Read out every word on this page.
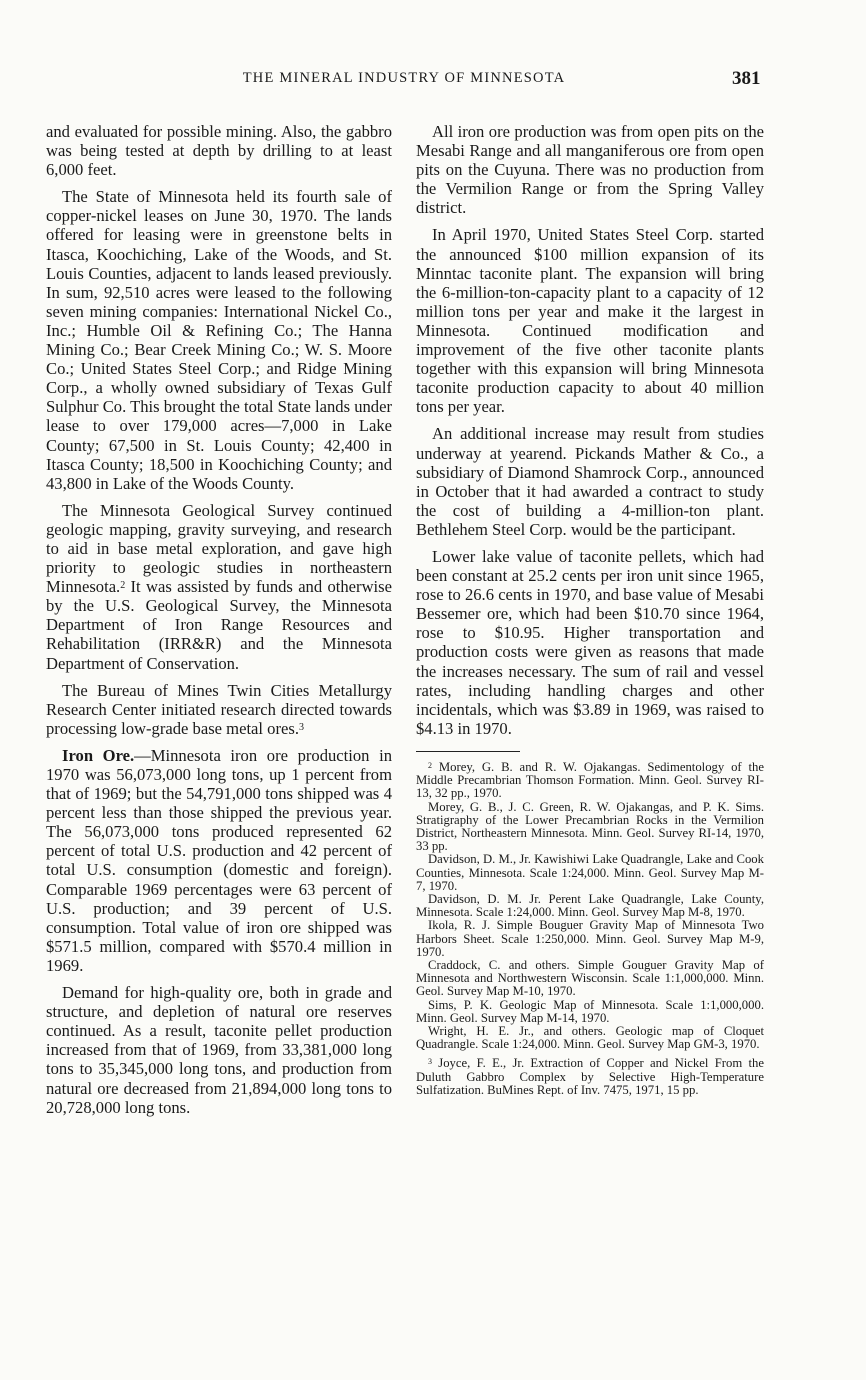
THE MINERAL INDUSTRY OF MINNESOTA	381

and evaluated for possible mining. Also, the gabbro was being tested at depth by drilling to at least 6,000 feet.

The State of Minnesota held its fourth sale of copper-nickel leases on June 30, 1970. The lands offered for leasing were in greenstone belts in Itasca, Koochiching, Lake of the Woods, and St. Louis Counties, adjacent to lands leased previously. In sum, 92,510 acres were leased to the following seven mining companies: International Nickel Co., Inc.; Humble Oil & Refining Co.; The Hanna Mining Co.; Bear Creek Mining Co.; W. S. Moore Co.; United States Steel Corp.; and Ridge Mining Corp., a wholly owned subsidiary of Texas Gulf Sulphur Co. This brought the total State lands under lease to over 179,000 acres—7,000 in Lake County; 67,500 in St. Louis County; 42,400 in Itasca County; 18,500 in Koochiching County; and 43,800 in Lake of the Woods County.

The Minnesota Geological Survey continued geologic mapping, gravity surveying, and research to aid in base metal exploration, and gave high priority to geologic studies in northeastern Minnesota.$^2$ It was assisted by funds and otherwise by the U.S. Geological Survey, the Minnesota Department of Iron Range Resources and Rehabilitation (IRR&R) and the Minnesota Department of Conservation.

The Bureau of Mines Twin Cities Metallurgy Research Center initiated research directed towards processing low-grade base metal ores.$^3$

Iron Ore.—Minnesota iron ore production in 1970 was 56,073,000 long tons, up 1 percent from that of 1969; but the 54,791,000 tons shipped was 4 percent less than those shipped the previous year. The 56,073,000 tons produced represented 62 percent of total U.S. production and 42 percent of total U.S. consumption (domestic and foreign). Comparable 1969 percentages were 63 percent of U.S. production; and 39 percent of U.S. consumption. Total value of iron ore shipped was $571.5 million, compared with $570.4 million in 1969.

Demand for high-quality ore, both in grade and structure, and depletion of natural ore reserves continued. As a result, taconite pellet production increased from that of 1969, from 33,381,000 long tons to 35,345,000 long tons, and production from natural ore decreased from 21,894,000 long tons to 20,728,000 long tons.

All iron ore production was from open pits on the Mesabi Range and all manganiferous ore from open pits on the Cuyuna. There was no production from the Vermilion Range or from the Spring Valley district.

In April 1970, United States Steel Corp. started the announced $100 million expansion of its Minntac taconite plant. The expansion will bring the 6-million-ton-capacity plant to a capacity of 12 million tons per year and make it the largest in Minnesota. Continued modification and improvement of the five other taconite plants together with this expansion will bring Minnesota taconite production capacity to about 40 million tons per year.

An additional increase may result from studies underway at yearend. Pickands Mather & Co., a subsidiary of Diamond Shamrock Corp., announced in October that it had awarded a contract to study the cost of building a 4-million-ton plant. Bethlehem Steel Corp. would be the participant.

Lower lake value of taconite pellets, which had been constant at 25.2 cents per iron unit since 1965, rose to 26.6 cents in 1970, and base value of Mesabi Bessemer ore, which had been $10.70 since 1964, rose to $10.95. Higher transportation and production costs were given as reasons that made the increases necessary. The sum of rail and vessel rates, including handling charges and other incidentals, which was $3.89 in 1969, was raised to $4.13 in 1970.

$^2$ Morey, G. B. and R. W. Ojakangas. Sedimentology of the Middle Precambrian Thomson Formation. Minn. Geol. Survey RI-13, 32 pp., 1970.

Morey, G. B., J. C. Green, R. W. Ojakangas, and P. K. Sims. Stratigraphy of the Lower Precambrian Rocks in the Vermilion District, Northeastern Minnesota. Minn. Geol. Survey RI-14, 1970, 33 pp.

Davidson, D. M., Jr. Kawishiwi Lake Quadrangle, Lake and Cook Counties, Minnesota. Scale 1:24,000. Minn. Geol. Survey Map M-7, 1970.

Davidson, D. M. Jr. Perent Lake Quadrangle, Lake County, Minnesota. Scale 1:24,000. Minn. Geol. Survey Map M-8, 1970.

Ikola, R. J. Simple Bouguer Gravity Map of Minnesota Two Harbors Sheet. Scale 1:250,000. Minn. Geol. Survey Map M-9, 1970.

Craddock, C. and others. Simple Gouguer Gravity Map of Minnesota and Northwestern Wisconsin. Scale 1:1,000,000. Minn. Geol. Survey Map M-10, 1970.

Sims, P. K. Geologic Map of Minnesota. Scale 1:1,000,000. Minn. Geol. Survey Map M-14, 1970.

Wright, H. E. Jr., and others. Geologic map of Cloquet Quadrangle. Scale 1:24,000. Minn. Geol. Survey Map GM-3, 1970.

$^3$ Joyce, F. E., Jr. Extraction of Copper and Nickel From the Duluth Gabbro Complex by Selective High-Temperature Sulfatization. BuMines Rept. of Inv. 7475, 1971, 15 pp.
